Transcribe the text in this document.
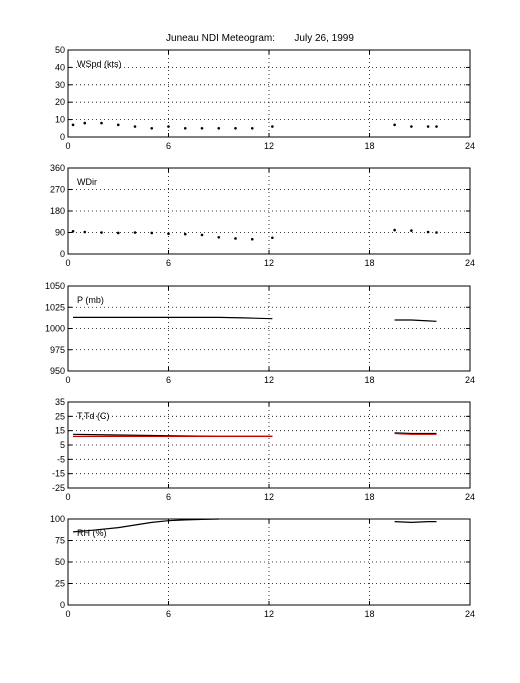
Juneau NDI Meteogram:       July 26, 1999
0
10
20
30
40
50
0	6	12	18	24
WSpd (kts)
0
90
180
270
360
0	6	12	18	24
WDir
950
975
1000
1025
1050
0	6	12	18	24
P (mb)
-25
-15
-5
5
15
25
35
0	6	12	18	24
T,Td (C)
0
25
50
75
100
0	6	12	18	24
RH (%)
